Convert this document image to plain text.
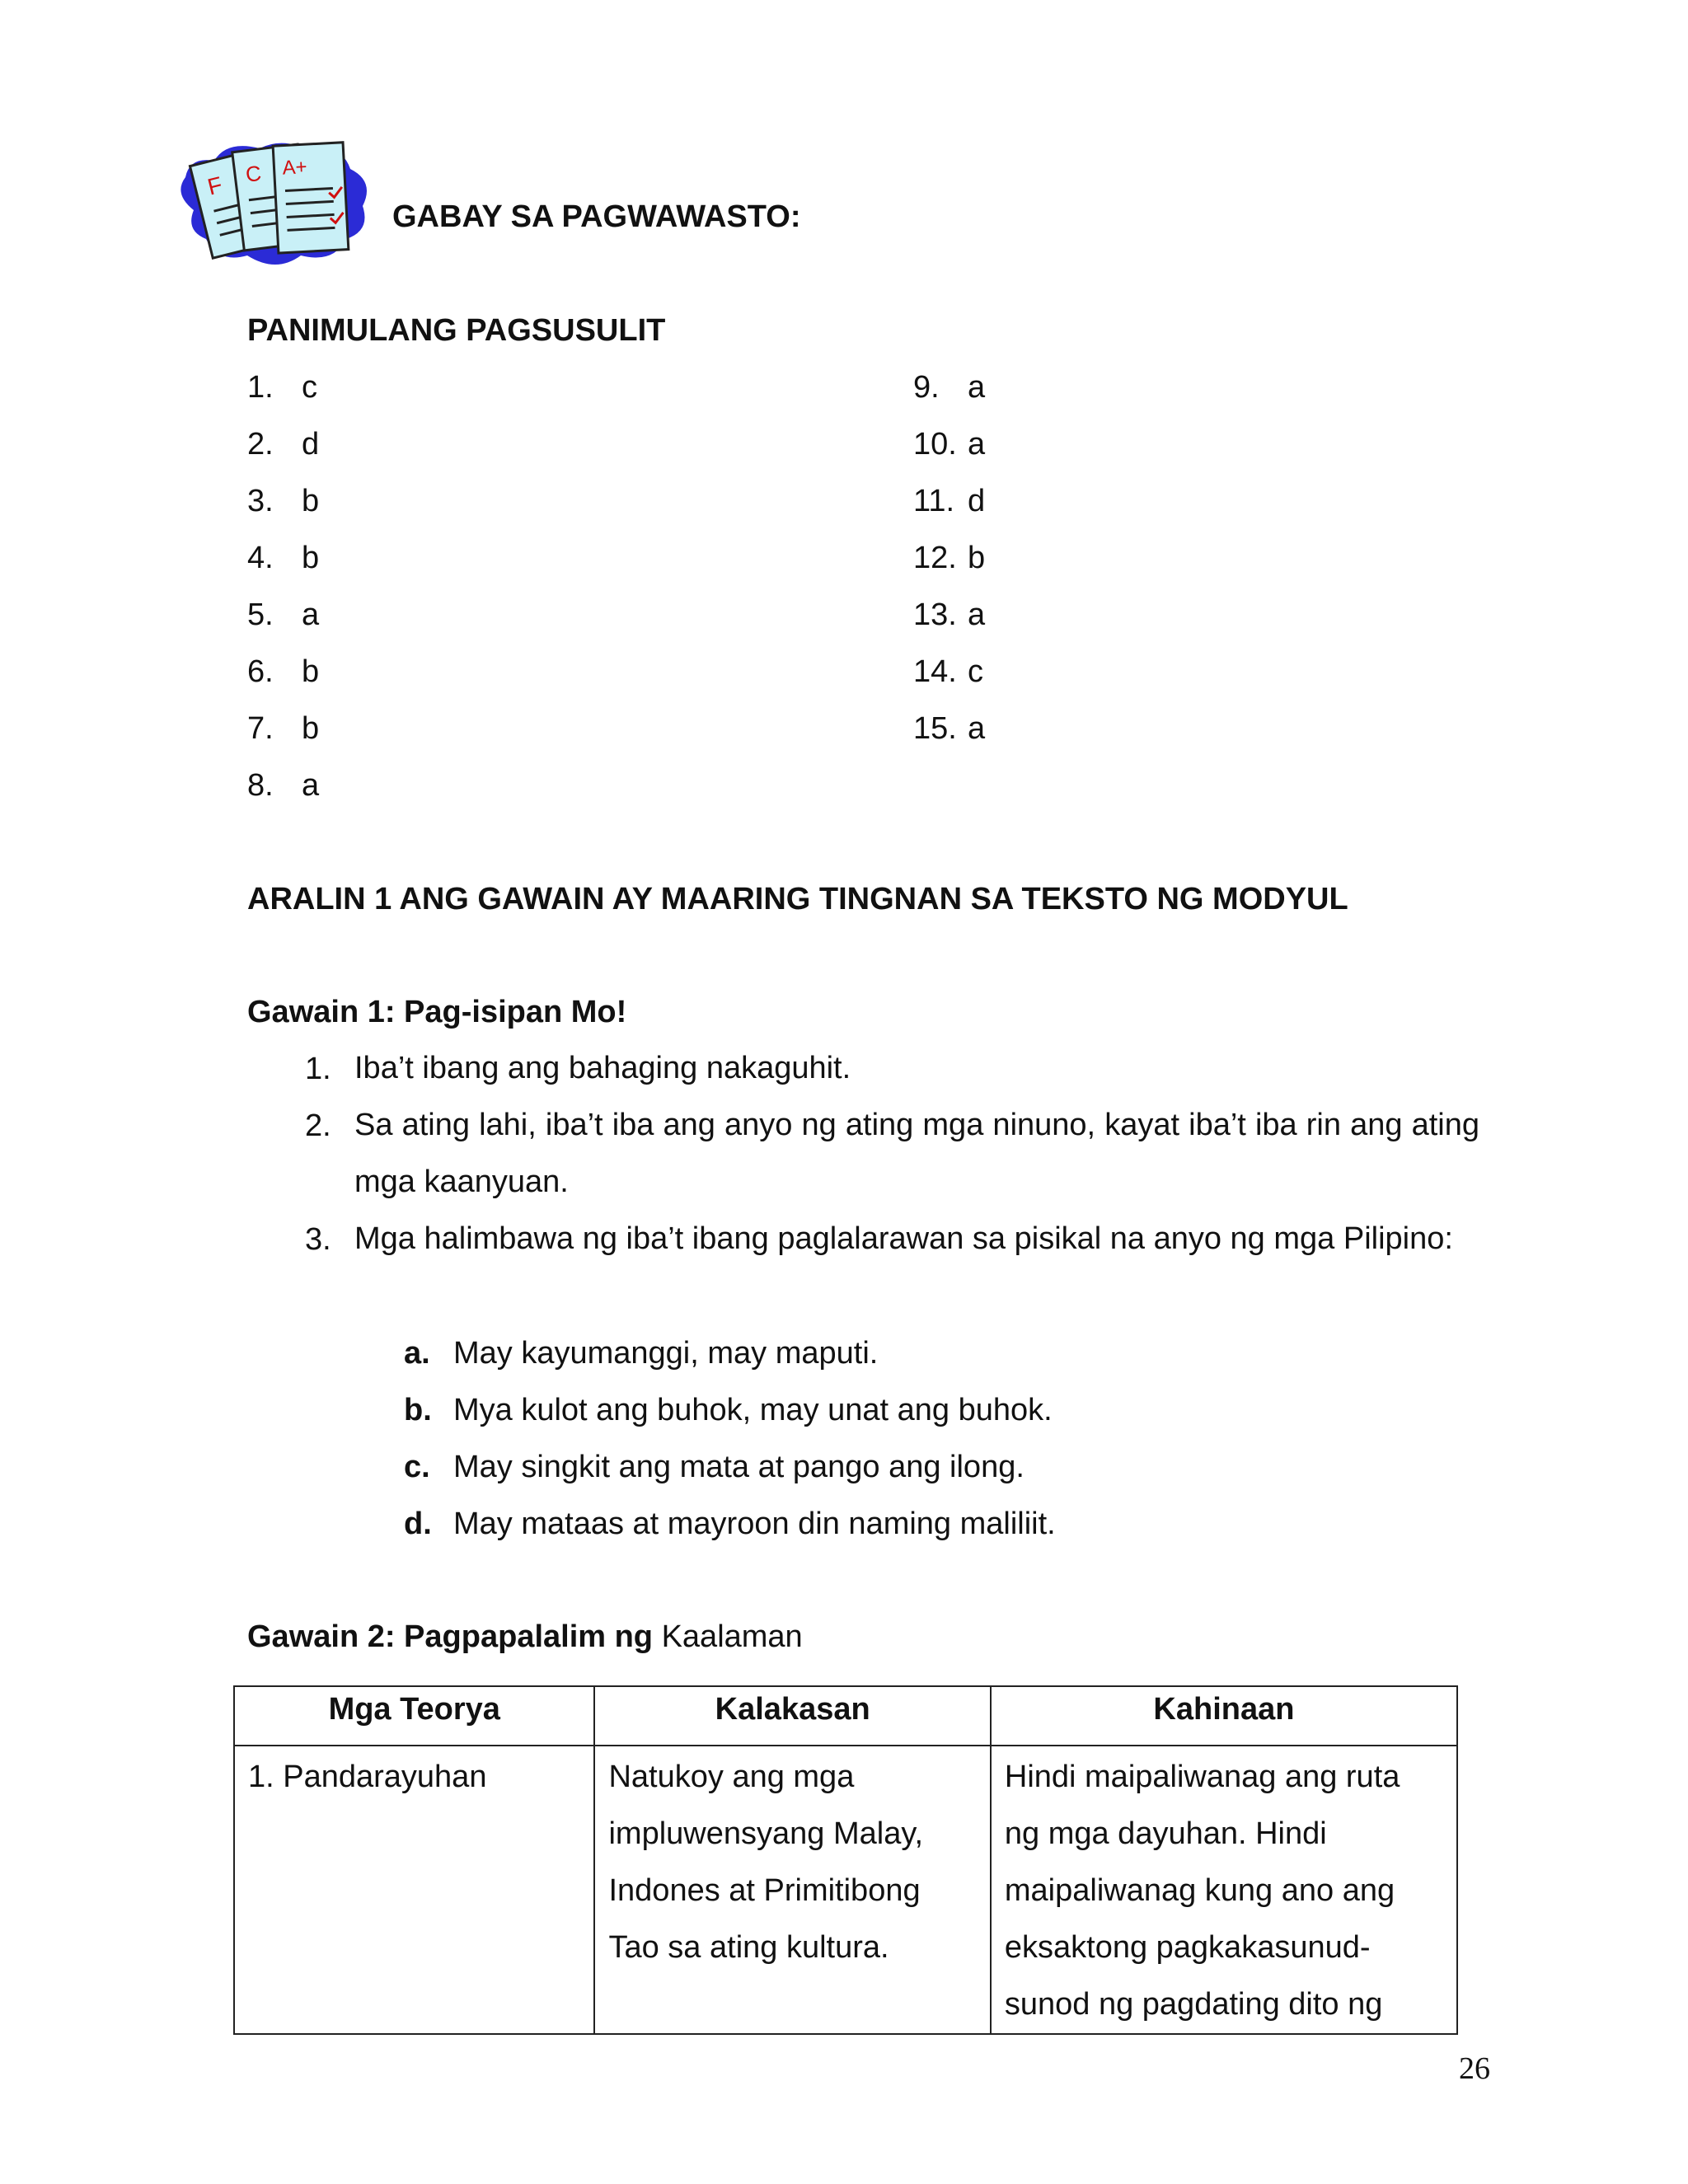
F C A+
GABAY SA PAGWAWASTO:
PANIMULANG PAGSUSULIT
1. c
2. d
3. b
4. b
5. a
6. b
7. b
8. a
9. a
10. a
11. d
12. b
13. a
14. c
15. a
ARALIN 1 ANG GAWAIN AY MAARING TINGNAN SA TEKSTO NG MODYUL
Gawain 1: Pag-isipan Mo!
1. Iba’t ibang ang bahaging nakaguhit.
2. Sa ating lahi, iba’t iba ang anyo ng ating mga ninuno, kayat iba’t iba rin ang ating mga kaanyuan.
3. Mga halimbawa ng iba’t ibang paglalarawan sa pisikal na anyo ng mga Pilipino:
a. May kayumanggi, may maputi.
b. Mya kulot ang buhok, may unat ang buhok.
c. May singkit ang mata at pango ang ilong.
d. May mataas at mayroon din naming maliliit.
Gawain 2: Pagpapalalim ng Kaalaman
Mga Teorya	Kalakasan	Kahinaan
1. Pandarayuhan	Natukoy ang mga impluwensyang Malay, Indones at Primitibong Tao sa ating kultura.	Hindi maipaliwanag ang ruta ng mga dayuhan. Hindi maipaliwanag kung ano ang eksaktong pagkakasunud-sunod ng pagdating dito ng
26
